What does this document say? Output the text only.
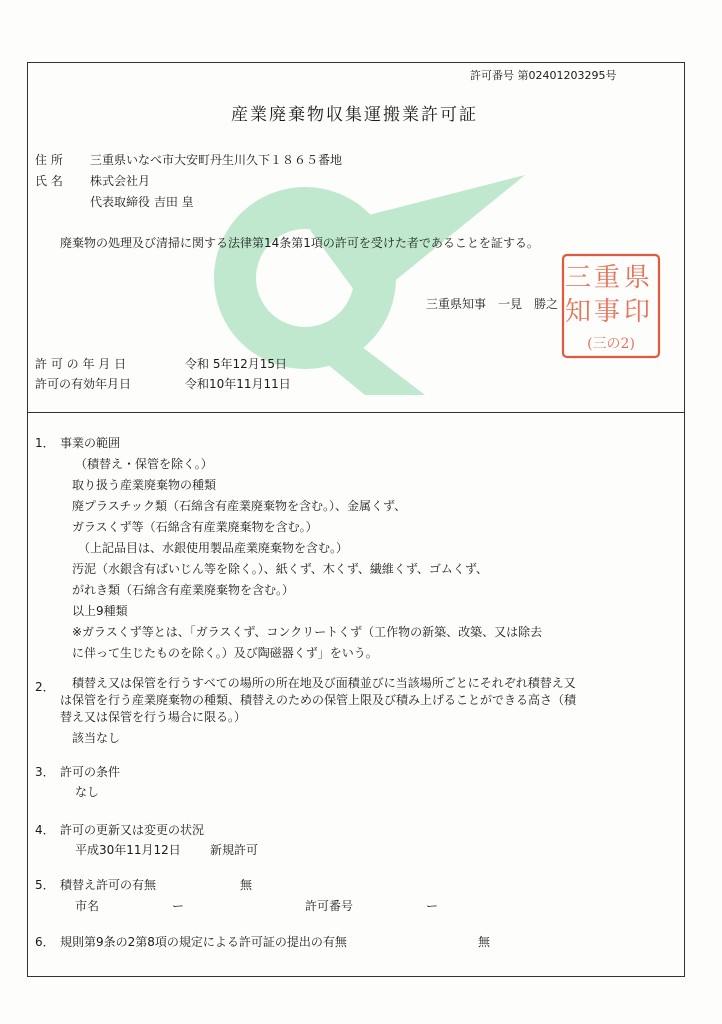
県
重
三
印
事
知
(三の2)
許可番号 第02401203295号
産業廃棄物収集運搬業許可証
住 所 三重県いなべ市大安町丹生川久下１８６５番地
氏 名 株式会社月
代表取締役 吉田 皇
廃棄物の処理及び清掃に関する法律第14条第1項の許可を受けた者であることを証する。
三重県知事　一見　勝之
許 可 の 年 月 日	令和 5年12月15日
許可の有効年月日	令和10年11月11日
1． 事業の範囲
（積替え・保管を除く。）
取り扱う産業廃棄物の種類
廃プラスチック類（石綿含有産業廃棄物を含む。）、金属くず、
ガラスくず等（石綿含有産業廃棄物を含む。）
（上記品目は、水銀使用製品産業廃棄物を含む。）
汚泥（水銀含有ばいじん等を除く。）、紙くず、木くず、繊維くず、ゴムくず、
がれき類（石綿含有産業廃棄物を含む。）
以上9種類
※ガラスくず等とは、「ガラスくず、コンクリートくず（工作物の新築、改築、又は除去
に伴って生じたものを除く。）及び陶磁器くず」をいう。
2． 積替え又は保管を行うすべての場所の所在地及び面積並びに当該場所ごとにそれぞれ積替え又
は保管を行う産業廃棄物の種類、積替えのための保管上限及び積み上げることができる高さ（積
替え又は保管を行う場合に限る。）
該当なし
3． 許可の条件
なし
4． 許可の更新又は変更の状況
平成30年11月12日 新規許可
5． 積替え許可の有無	無
市名	ー	許可番号	ー
6． 規則第9条の2第8項の規定による許可証の提出の有無	無
